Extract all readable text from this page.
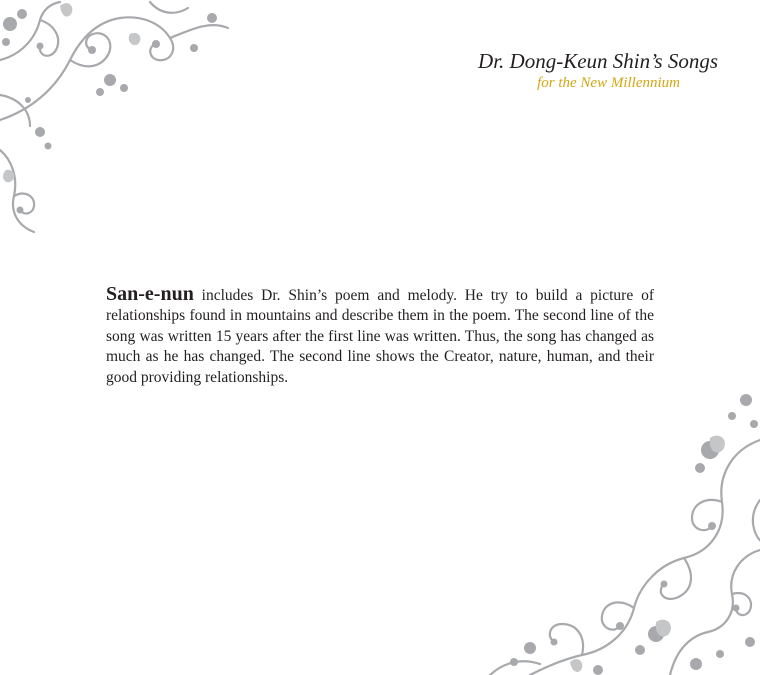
Dr. Dong-Keun Shin’s Songs
for the New Millennium

San-e-nun includes Dr. Shin’s poem and melody. He try to build a picture of relationships found in mountains and describe them in the poem. The second line of the song was written 15 years after the first line was written. Thus, the song has changed as much as he has changed. The second line shows the Creator, nature, human, and their good providing relationships.
